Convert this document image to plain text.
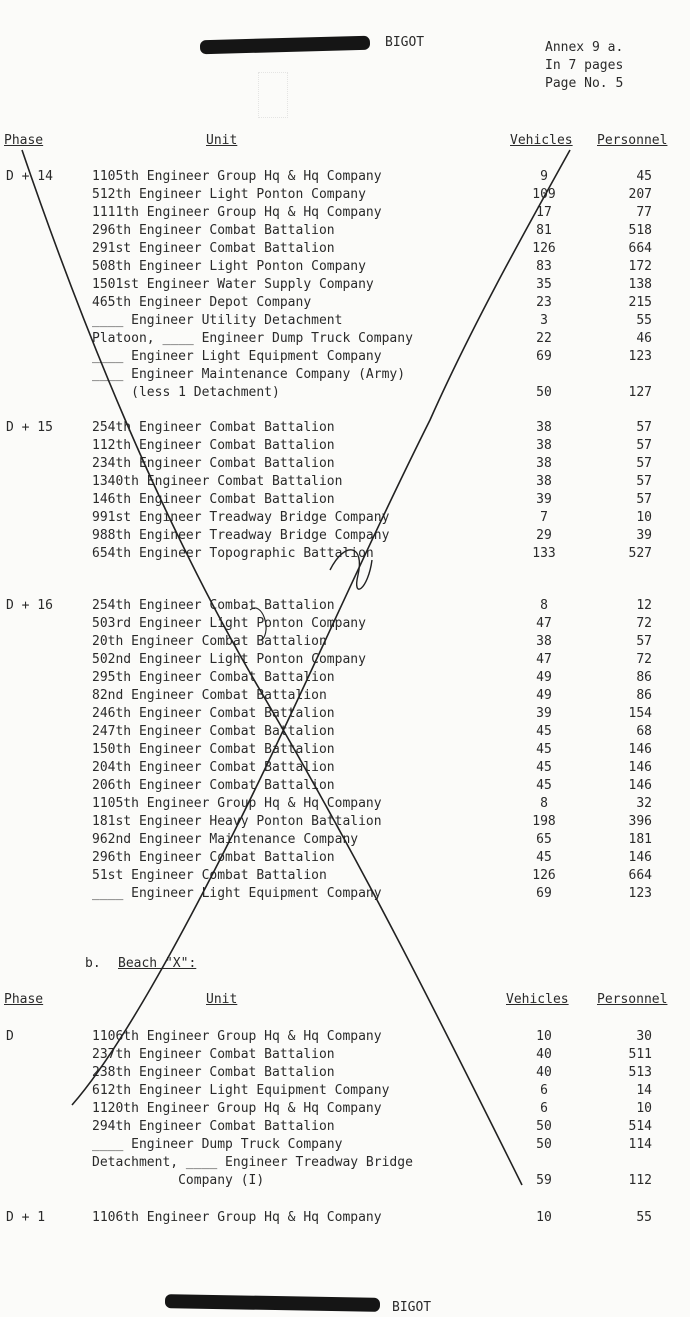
BIGOT	Annex 9 a.
In 7 pages
Page No. 5
Phase	Unit	Vehicles Personnel
D + 14	1105th Engineer Group Hq & Hq Company	9	45
512th Engineer Light Ponton Company	109	207
1111th Engineer Group Hq & Hq Company	17	77
296th Engineer Combat Battalion	81	518
291st Engineer Combat Battalion	126	664
508th Engineer Light Ponton Company	83	172
1501st Engineer Water Supply Company	35	138
465th Engineer Depot Company	23	215
____ Engineer Utility Detachment	3	55
Platoon, ____ Engineer Dump Truck Company	22	46
____ Engineer Light Equipment Company	69	123
____ Engineer Maintenance Company (Army)
(less 1 Detachment)	50	127
D + 15	254th Engineer Combat Battalion	38	57
112th Engineer Combat Battalion	38	57
234th Engineer Combat Battalion	38	57
1340th Engineer Combat Battalion	38	57
146th Engineer Combat Battalion	39	57
991st Engineer Treadway Bridge Company	7	10
988th Engineer Treadway Bridge Company	29	39
654th Engineer Topographic Battalion	133	527
D + 16	254th Engineer Combat Battalion	8	12
503rd Engineer Light Ponton Company	47	72
20th Engineer Combat Battalion	38	57
502nd Engineer Light Ponton Company	47	72
295th Engineer Combat Battalion	49	86
82nd Engineer Combat Battalion	49	86
246th Engineer Combat Battalion	39	154
247th Engineer Combat Battalion	45	68
150th Engineer Combat Battalion	45	146
204th Engineer Combat Battalion	45	146
206th Engineer Combat Battalion	45	146
1105th Engineer Group Hq & Hq Company	8	32
181st Engineer Heavy Ponton Battalion	198	396
962nd Engineer Maintenance Company	65	181
296th Engineer Combat Battalion	45	146
51st Engineer Combat Battalion	126	664
____ Engineer Light Equipment Company	69	123
b. Beach "X":
Phase	Unit	Vehicles Personnel
D	1106th Engineer Group Hq & Hq Company	10	30
237th Engineer Combat Battalion	40	511
238th Engineer Combat Battalion	40	513
612th Engineer Light Equipment Company	6	14
1120th Engineer Group Hq & Hq Company	6	10
294th Engineer Combat Battalion	50	514
____ Engineer Dump Truck Company	50	114
Detachment, ____ Engineer Treadway Bridge
Company (I)	59	112
D + 1	1106th Engineer Group Hq & Hq Company	10	55
BIGOT
